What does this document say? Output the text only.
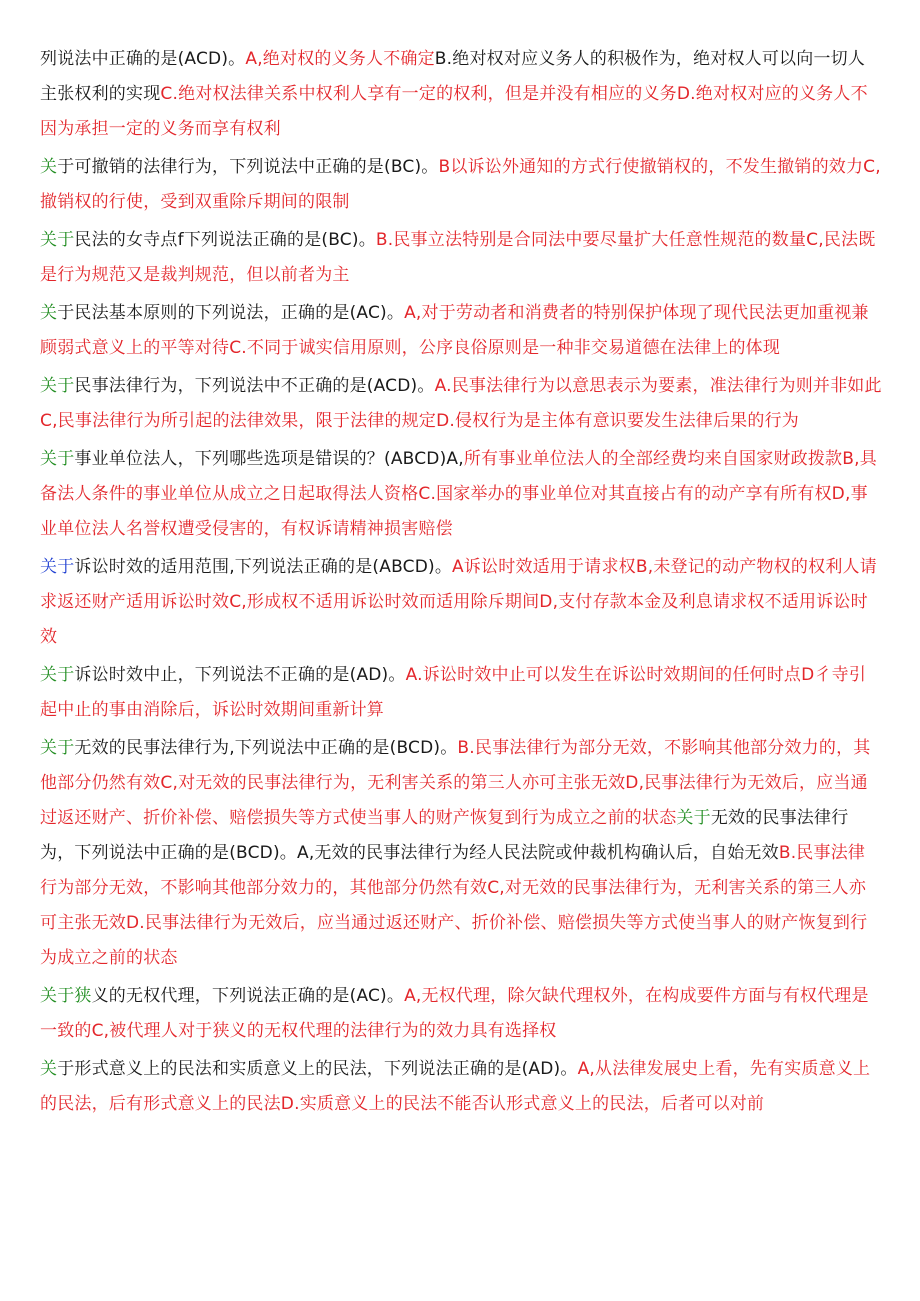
列说法中正确的是(ACD)。A,绝对权的义务人不确定B.绝对权对应义务人的积极作为，绝对权人可以向一切人主张权利的实现C.绝对权法律关系中权利人享有一定的权利，但是并没有相应的义务D.绝对权对应的义务人不因为承担一定的义务而享有权利

关于可撤销的法律行为，下列说法中正确的是(BC)。B以诉讼外通知的方式行使撤销权的，不发生撤销的效力C,撤销权的行使，受到双重除斥期间的限制

关于民法的女寺点f下列说法正确的是(BC)。B.民事立法特别是合同法中要尽量扩大任意性规范的数量C,民法既是行为规范又是裁判规范，但以前者为主

关于民法基本原则的下列说法，正确的是(AC)。A,对于劳动者和消费者的特别保护体现了现代民法更加重视兼顾弱式意义上的平等对待C.不同于诚实信用原则，公序良俗原则是一种非交易道德在法律上的体现

关于民事法律行为，下列说法中不正确的是(ACD)。A.民事法律行为以意思表示为要素，准法律行为则并非如此C,民事法律行为所引起的法律效果，限于法律的规定D.侵权行为是主体有意识要发生法律后果的行为

关于事业单位法人，下列哪些选项是错误的？(ABCD)A,所有事业单位法人的全部经费均来自国家财政拨款B,具备法人条件的事业单位从成立之日起取得法人资格C.国家举办的事业单位对其直接占有的动产享有所有权D,事业单位法人名誉权遭受侵害的，有权诉请精神损害赔偿

关于诉讼时效的适用范围,下列说法正确的是(ABCD)。A诉讼时效适用于请求权B,未登记的动产物权的权利人请求返还财产适用诉讼时效C,形成权不适用诉讼时效而适用除斥期间D,支付存款本金及利息请求权不适用诉讼时效

关于诉讼时效中止，下列说法不正确的是(AD)。A.诉讼时效中止可以发生在诉讼时效期间的任何时点D彳寺引起中止的事由消除后，诉讼时效期间重新计算

关于无效的民事法律行为,下列说法中正确的是(BCD)。B.民事法律行为部分无效，不影响其他部分效力的，其他部分仍然有效C,对无效的民事法律行为，无利害关系的第三人亦可主张无效D,民事法律行为无效后，应当通过返还财产、折价补偿、赔偿损失等方式使当事人的财产恢复到行为成立之前的状态关于无效的民事法律行为，下列说法中正确的是(BCD)。A,无效的民事法律行为经人民法院或仲裁机构确认后，自始无效B.民事法律行为部分无效，不影响其他部分效力的，其他部分仍然有效C,对无效的民事法律行为，无利害关系的第三人亦可主张无效D.民事法律行为无效后，应当通过返还财产、折价补偿、赔偿损失等方式使当事人的财产恢复到行为成立之前的状态

关于狭义的无权代理，下列说法正确的是(AC)。A,无权代理，除欠缺代理权外，在构成要件方面与有权代理是一致的C,被代理人对于狭义的无权代理的法律行为的效力具有选择权

关于形式意义上的民法和实质意义上的民法，下列说法正确的是(AD)。A,从法律发展史上看，先有实质意义上的民法，后有形式意义上的民法D.实质意义上的民法不能否认形式意义上的民法，后者可以对前
